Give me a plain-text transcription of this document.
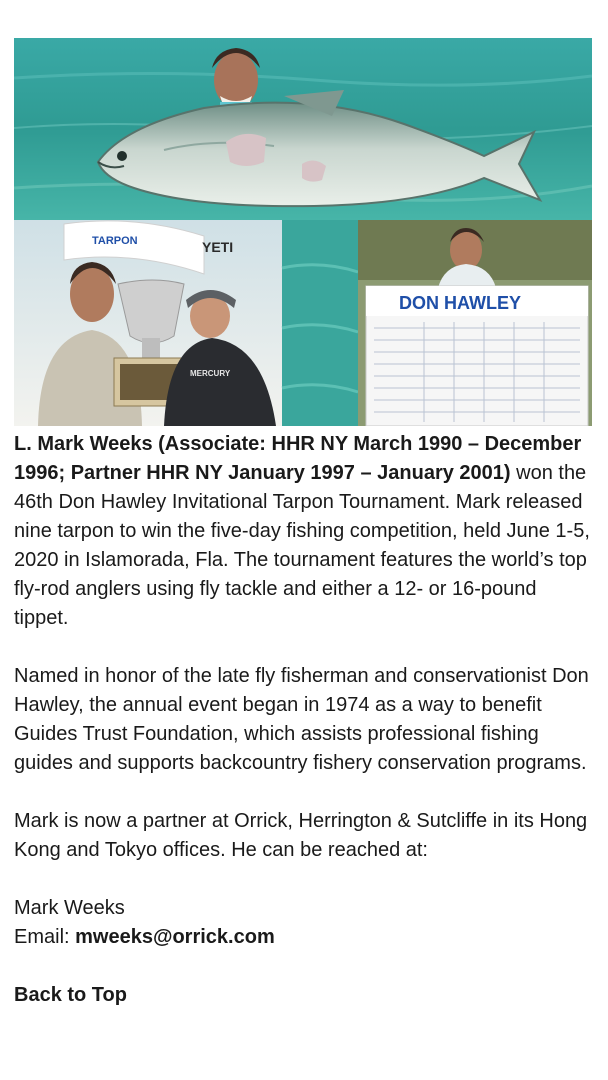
TARPON	YETI
MERCURY
DON HAWLEY

L. Mark Weeks (Associate: HHR NY March 1990 – December 1996; Partner HHR NY January 1997 – January 2001) won the 46th Don Hawley Invitational Tarpon Tournament. Mark released nine tarpon to win the five-day fishing competition, held June 1-5, 2020 in Islamorada, Fla. The tournament features the world’s top fly-rod anglers using fly tackle and either a 12- or 16-pound tippet.

Named in honor of the late fly fisherman and conservationist Don Hawley, the annual event began in 1974 as a way to benefit Guides Trust Foundation, which assists professional fishing guides and supports backcountry fishery conservation programs.

Mark is now a partner at Orrick, Herrington & Sutcliffe in its Hong Kong and Tokyo offices. He can be reached at:

Mark Weeks
Email: mweeks@orrick.com

Back to Top
